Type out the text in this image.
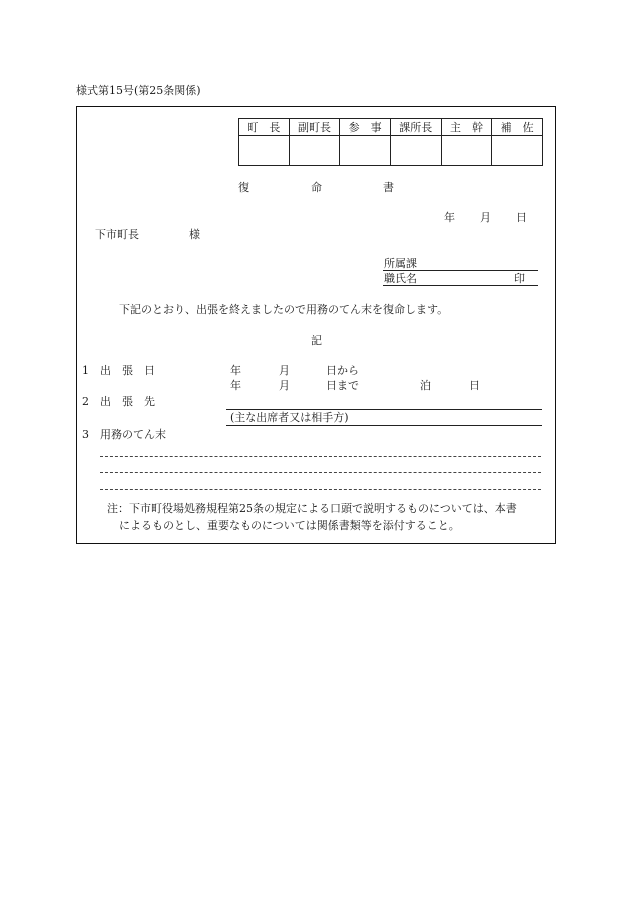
様式第15号(第25条関係)
町　長	副町長	参　事	課所長	主　幹	補　佐

復	命	書
年 月 日
下市町長	様
所属課
職氏名	印
下記のとおり、出張を終えましたので用務のてん末を復命します。
記
1　出　張　日	年	月	日から
年	月	日まで	泊	日
2　出　張　先
(主な出席者又は相手方)
3　用務のてん末
注：下市町役場処務規程第25条の規定による口頭で説明するものについては、本書
によるものとし、重要なものについては関係書類等を添付すること。
